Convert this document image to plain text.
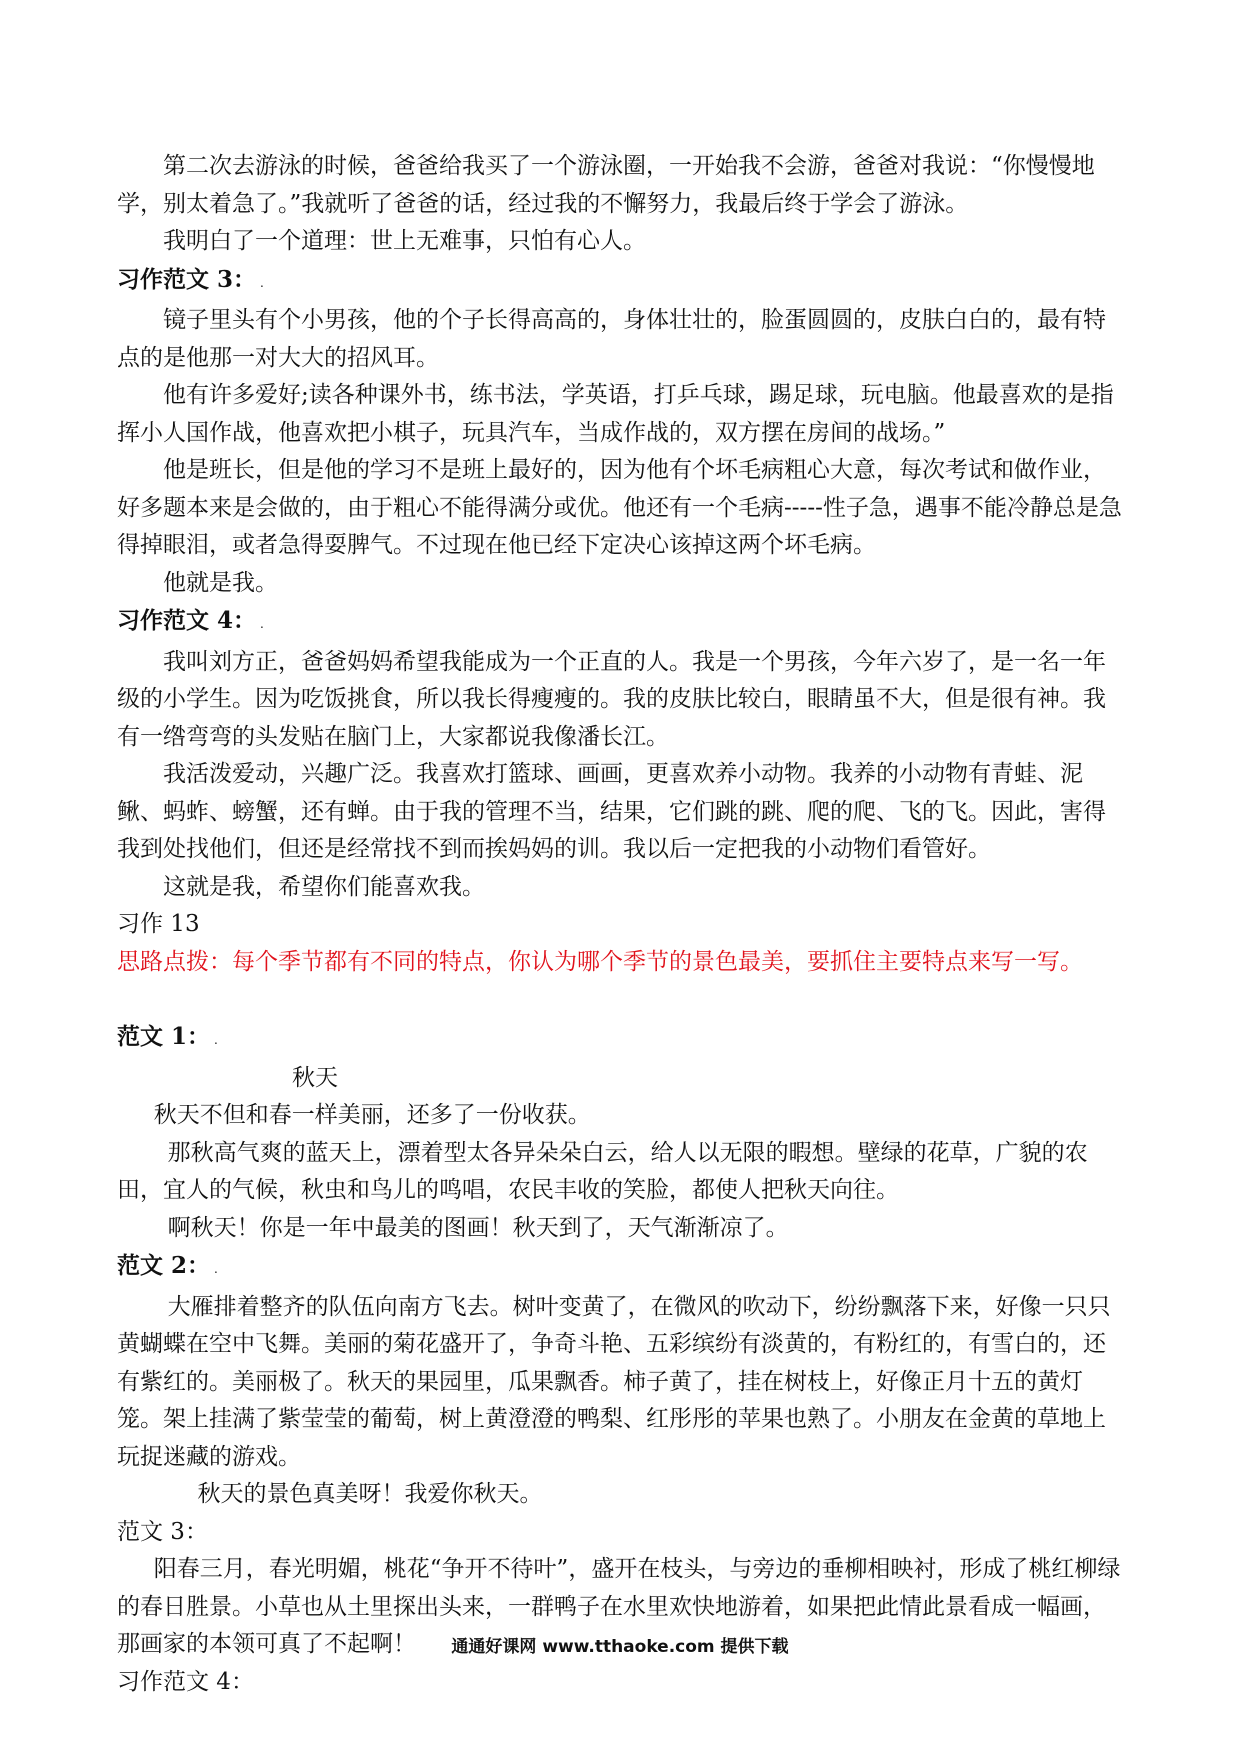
第二次去游泳的时候，爸爸给我买了一个游泳圈，一开始我不会游，爸爸对我说：“你慢慢地学，别太着急了。”我就听了爸爸的话，经过我的不懈努力，我最后终于学会了游泳。

我明白了一个道理：世上无难事，只怕有心人。

习作范文 3： .

镜子里头有个小男孩，他的个子长得高高的，身体壮壮的，脸蛋圆圆的，皮肤白白的，最有特点的是他那一对大大的招风耳。

他有许多爱好;读各种课外书，练书法，学英语，打乒乓球，踢足球，玩电脑。他最喜欢的是指挥小人国作战，他喜欢把小棋子，玩具汽车，当成作战的，双方摆在房间的战场。”

他是班长，但是他的学习不是班上最好的，因为他有个坏毛病粗心大意，每次考试和做作业，好多题本来是会做的，由于粗心不能得满分或优。他还有一个毛病-----性子急，遇事不能冷静总是急得掉眼泪，或者急得耍脾气。不过现在他已经下定决心该掉这两个坏毛病。

他就是我。

习作范文 4： .

我叫刘方正，爸爸妈妈希望我能成为一个正直的人。我是一个男孩，今年六岁了，是一名一年级的小学生。因为吃饭挑食，所以我长得瘦瘦的。我的皮肤比较白，眼睛虽不大，但是很有神。我有一绺弯弯的头发贴在脑门上，大家都说我像潘长江。

我活泼爱动，兴趣广泛。我喜欢打篮球、画画，更喜欢养小动物。我养的小动物有青蛙、泥鳅、蚂蚱、螃蟹，还有蝉。由于我的管理不当，结果，它们跳的跳、爬的爬、飞的飞。因此，害得我到处找他们，但还是经常找不到而挨妈妈的训。我以后一定把我的小动物们看管好。

这就是我，希望你们能喜欢我。

习作 13

思路点拨：每个季节都有不同的特点，你认为哪个季节的景色最美，要抓住主要特点来写一写。

范文 1： .

秋天

秋天不但和春一样美丽，还多了一份收获。

那秋高气爽的蓝天上，漂着型太各异朵朵白云，给人以无限的暇想。壁绿的花草，广貌的农田，宜人的气候，秋虫和鸟儿的鸣唱，农民丰收的笑脸，都使人把秋天向往。

啊秋天！你是一年中最美的图画！秋天到了，天气渐渐凉了。

范文 2： .

大雁排着整齐的队伍向南方飞去。树叶变黄了，在微风的吹动下，纷纷飘落下来，好像一只只黄蝴蝶在空中飞舞。美丽的菊花盛开了，争奇斗艳、五彩缤纷有淡黄的，有粉红的，有雪白的，还有紫红的。美丽极了。秋天的果园里，瓜果飘香。柿子黄了，挂在树枝上，好像正月十五的黄灯笼。架上挂满了紫莹莹的葡萄，树上黄澄澄的鸭梨、红彤彤的苹果也熟了。小朋友在金黄的草地上玩捉迷藏的游戏。

秋天的景色真美呀！我爱你秋天。

范文 3：

阳春三月，春光明媚，桃花“争开不待叶”，盛开在枝头，与旁边的垂柳相映衬，形成了桃红柳绿的春日胜景。小草也从土里探出头来，一群鸭子在水里欢快地游着，如果把此情此景看成一幅画，那画家的本领可真了不起啊！

习作范文 4：

通通好课网 www.tthaoke.com 提供下载
